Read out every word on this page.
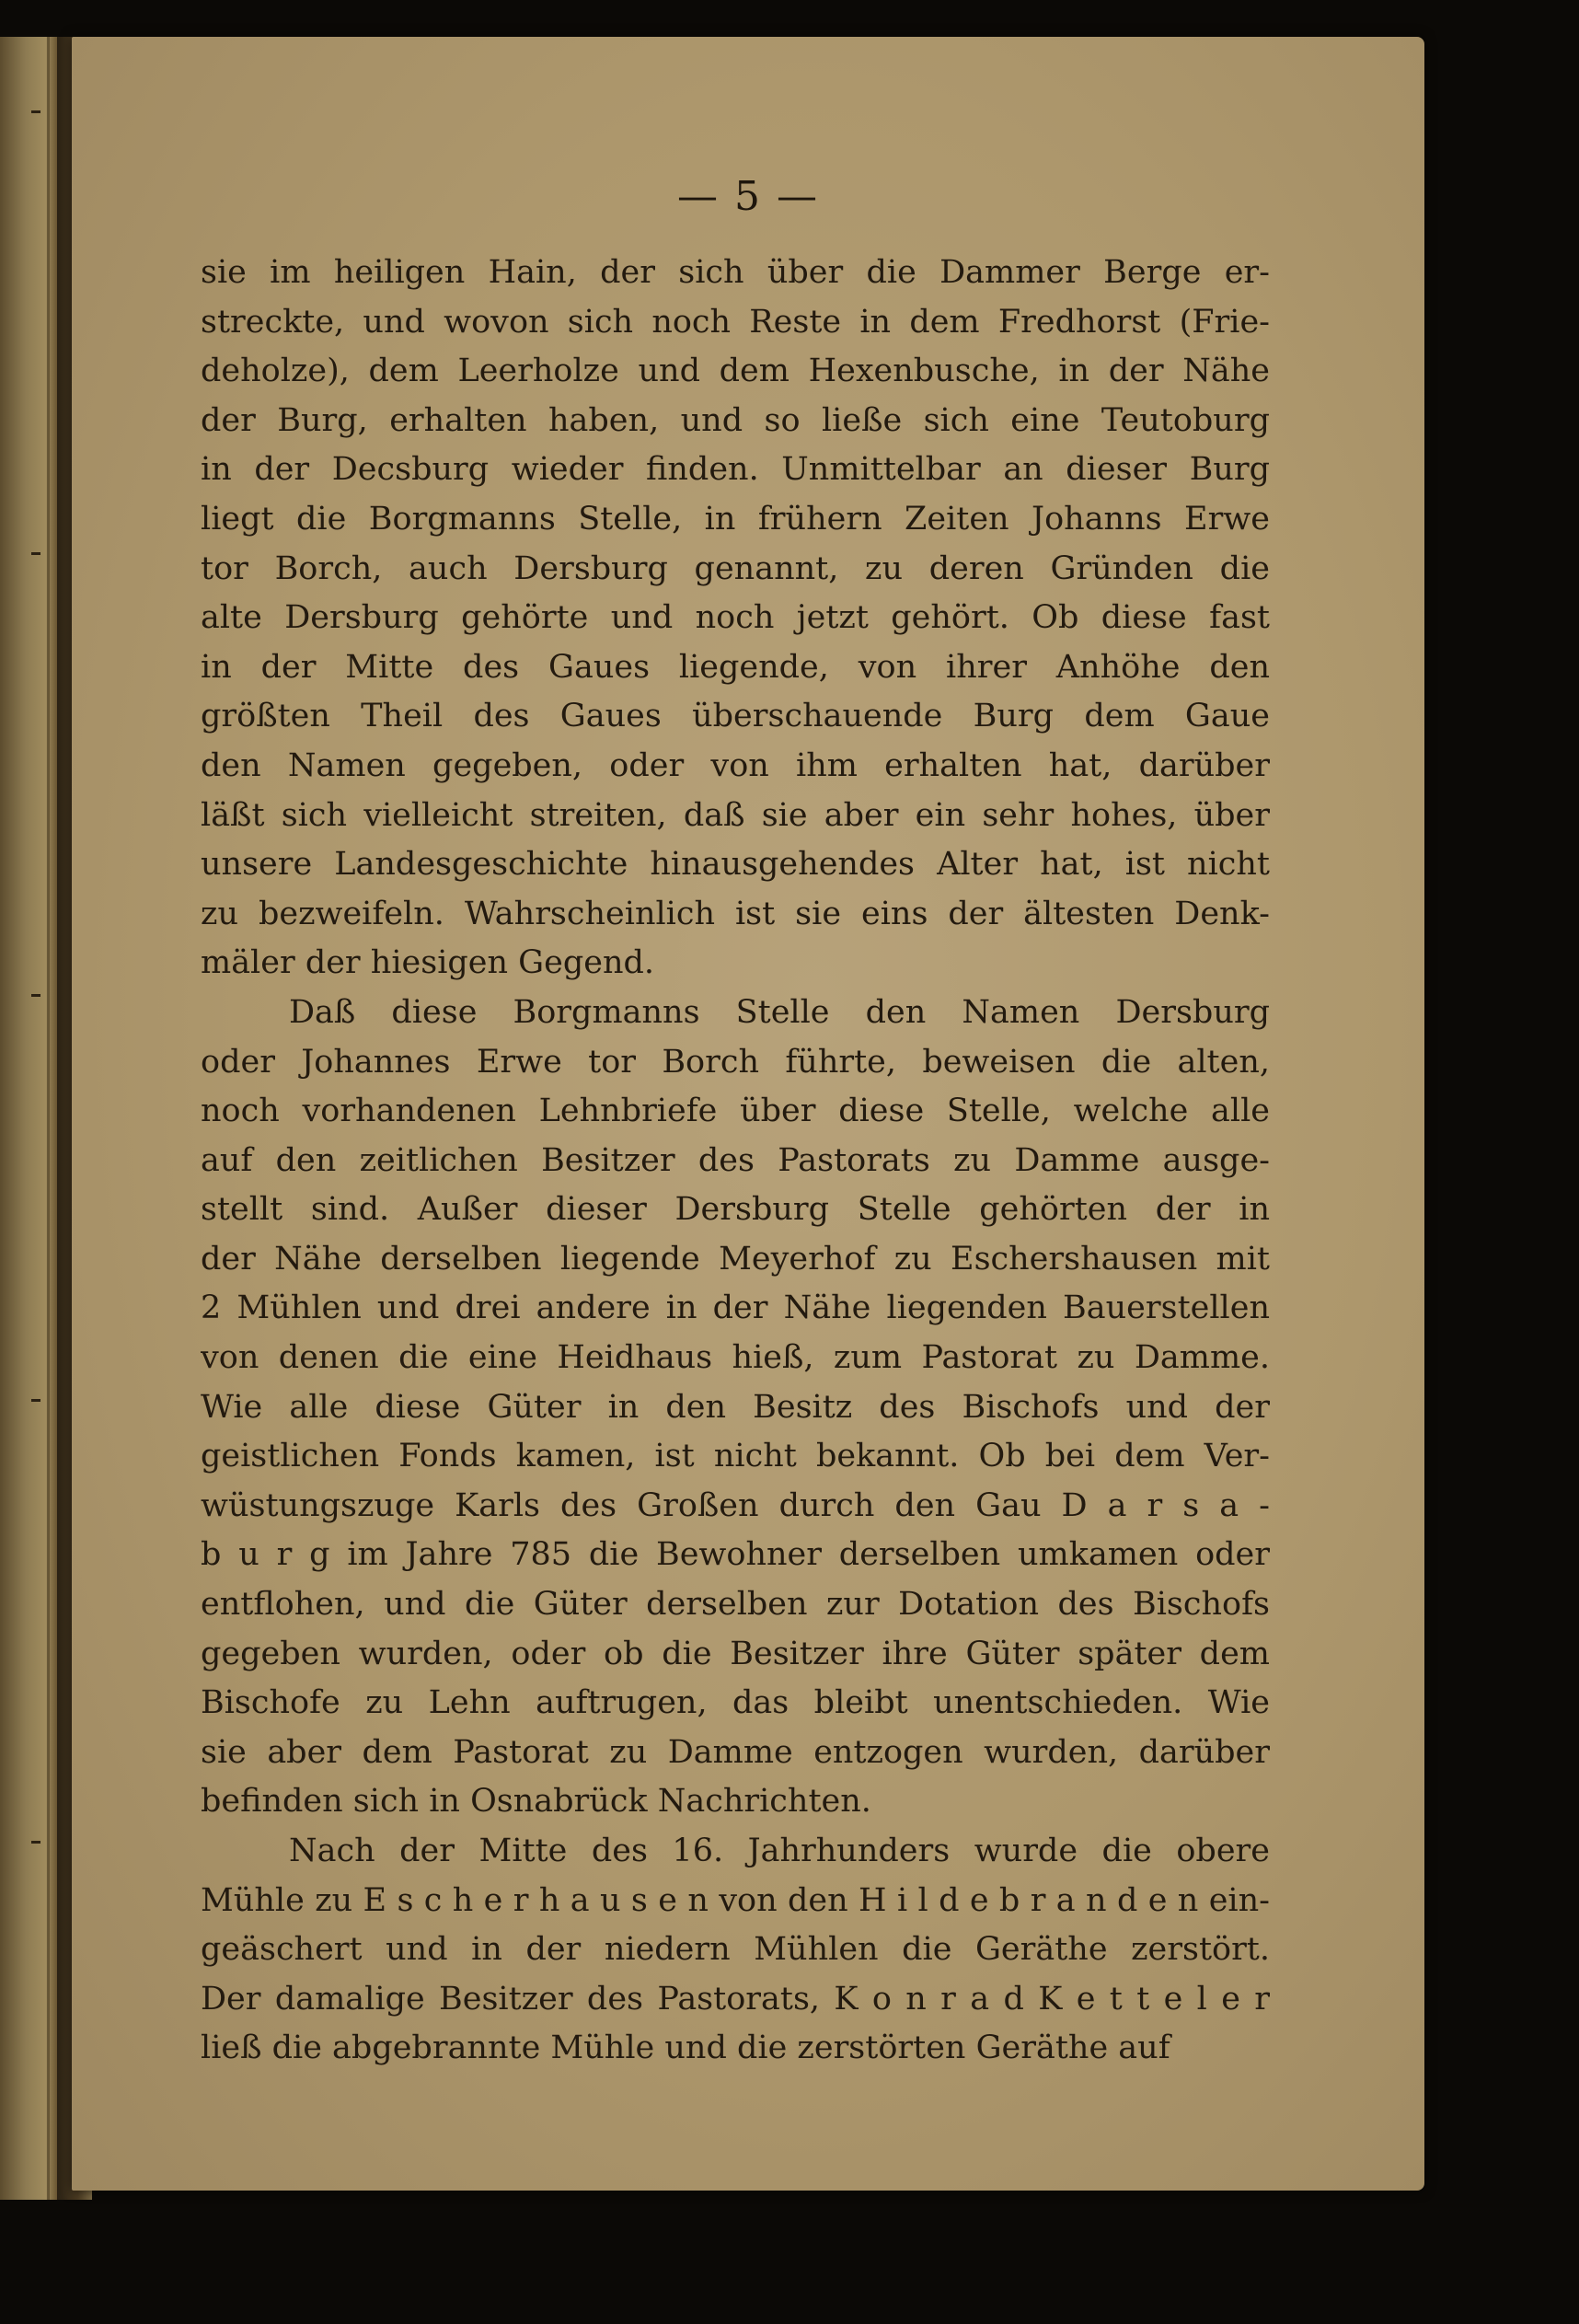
— 5 —
sie im heiligen Hain, der sich über die Dammer Berge er-
streckte, und wovon sich noch Reste in dem Fredhorst (Frie-
deholze), dem Leerholze und dem Hexenbusche, in der Nähe
der Burg, erhalten haben, und so ließe sich eine Teutoburg
in der Decsburg wieder finden. Unmittelbar an dieser Burg
liegt die Borgmanns Stelle, in frühern Zeiten Johanns Erwe
tor Borch, auch Dersburg genannt, zu deren Gründen die
alte Dersburg gehörte und noch jetzt gehört. Ob diese fast
in der Mitte des Gaues liegende, von ihrer Anhöhe den
größten Theil des Gaues überschauende Burg dem Gaue
den Namen gegeben, oder von ihm erhalten hat, darüber
läßt sich vielleicht streiten, daß sie aber ein sehr hohes, über
unsere Landesgeschichte hinausgehendes Alter hat, ist nicht
zu bezweifeln. Wahrscheinlich ist sie eins der ältesten Denk-
mäler der hiesigen Gegend.
Daß diese Borgmanns Stelle den Namen Dersburg
oder Johannes Erwe tor Borch führte, beweisen die alten,
noch vorhandenen Lehnbriefe über diese Stelle, welche alle
auf den zeitlichen Besitzer des Pastorats zu Damme ausge-
stellt sind. Außer dieser Dersburg Stelle gehörten der in
der Nähe derselben liegende Meyerhof zu Eschershausen mit
2 Mühlen und drei andere in der Nähe liegenden Bauerstellen
von denen die eine Heidhaus hieß, zum Pastorat zu Damme.
Wie alle diese Güter in den Besitz des Bischofs und der
geistlichen Fonds kamen, ist nicht bekannt. Ob bei dem Ver-
wüstungszuge Karls des Großen durch den Gau D a r s a -
b u r g im Jahre 785 die Bewohner derselben umkamen oder
entflohen, und die Güter derselben zur Dotation des Bischofs
gegeben wurden, oder ob die Besitzer ihre Güter später dem
Bischofe zu Lehn auftrugen, das bleibt unentschieden. Wie
sie aber dem Pastorat zu Damme entzogen wurden, darüber
befinden sich in Osnabrück Nachrichten.
Nach der Mitte des 16. Jahrhunders wurde die obere
Mühle zu E s c h e r h a u s e n von den H i l d e b r a n d e n ein-
geäschert und in der niedern Mühlen die Geräthe zerstört.
Der damalige Besitzer des Pastorats, K o n r a d K e t t e l e r
ließ die abgebrannte Mühle und die zerstörten Geräthe auf
